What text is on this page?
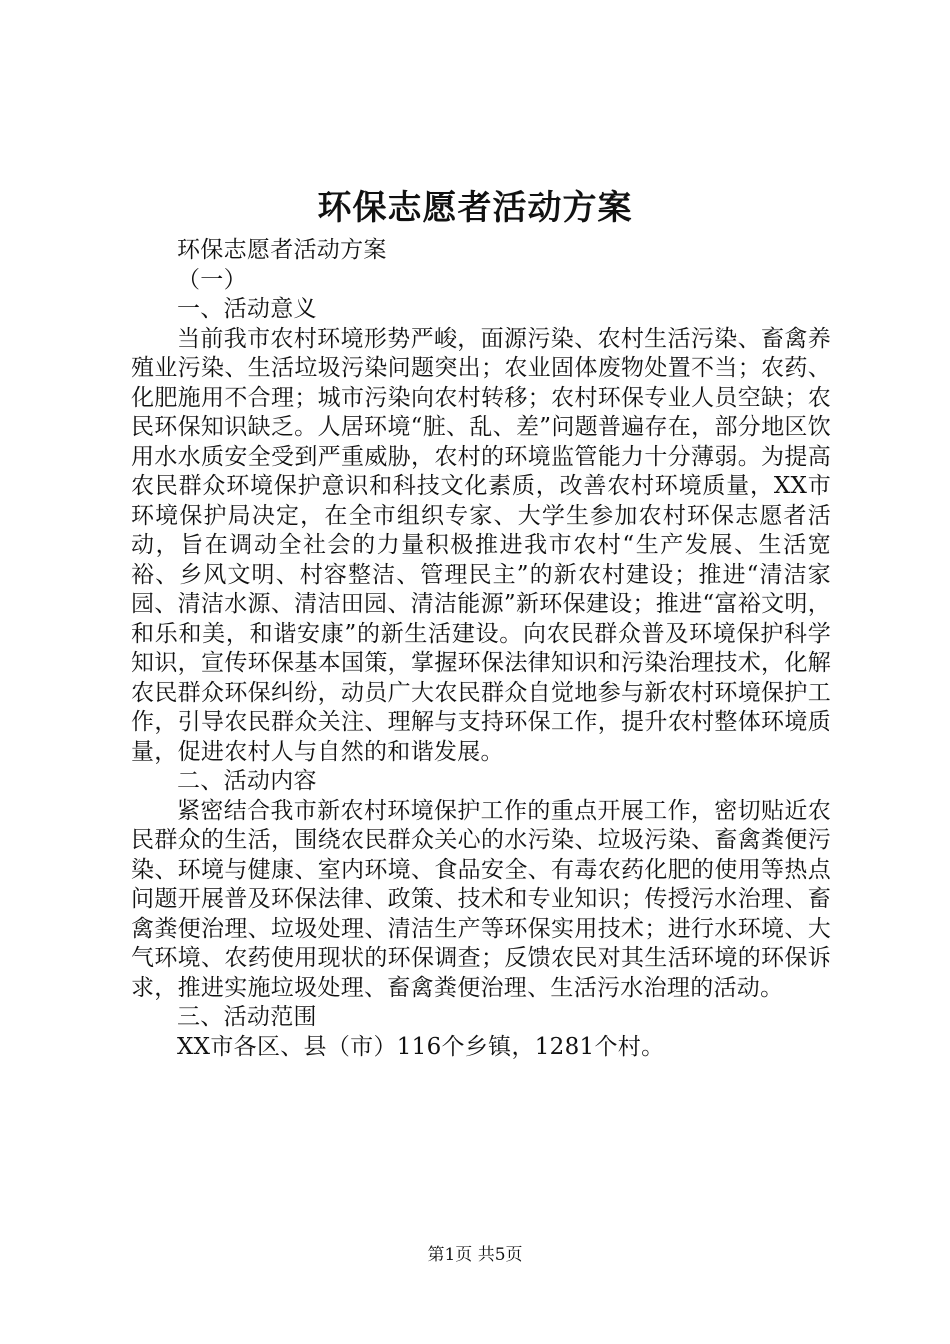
环保志愿者活动方案
环保志愿者活动方案
（一）
一、活动意义

当前我市农村环境形势严峻，面源污染、农村生活污染、畜禽养殖业污染、生活垃圾污染问题突出；农业固体废物处置不当；农药、化肥施用不合理；城市污染向农村转移；农村环保专业人员空缺；农民环保知识缺乏。人居环境“脏、乱、差”问题普遍存在，部分地区饮用水水质安全受到严重威胁，农村的环境监管能力十分薄弱。为提高农民群众环境保护意识和科技文化素质，改善农村环境质量，XX市环境保护局决定，在全市组织专家、大学生参加农村环保志愿者活动，旨在调动全社会的力量积极推进我市农村“生产发展、生活宽裕、乡风文明、村容整洁、管理民主”的新农村建设；推进“清洁家园、清洁水源、清洁田园、清洁能源”新环保建设；推进“富裕文明，和乐和美，和谐安康”的新生活建设。向农民群众普及环境保护科学知识，宣传环保基本国策，掌握环保法律知识和污染治理技术，化解农民群众环保纠纷，动员广大农民群众自觉地参与新农村环境保护工作，引导农民群众关注、理解与支持环保工作，提升农村整体环境质量，促进农村人与自然的和谐发展。

二、活动内容

紧密结合我市新农村环境保护工作的重点开展工作，密切贴近农民群众的生活，围绕农民群众关心的水污染、垃圾污染、畜禽粪便污染、环境与健康、室内环境、食品安全、有毒农药化肥的使用等热点问题开展普及环保法律、政策、技术和专业知识；传授污水治理、畜禽粪便治理、垃圾处理、清洁生产等环保实用技术；进行水环境、大气环境、农药使用现状的环保调查；反馈农民对其生活环境的环保诉求，推进实施垃圾处理、畜禽粪便治理、生活污水治理的活动。

三、活动范围

XX市各区、县（市）116个乡镇，1281个村。

第1页 共5页
